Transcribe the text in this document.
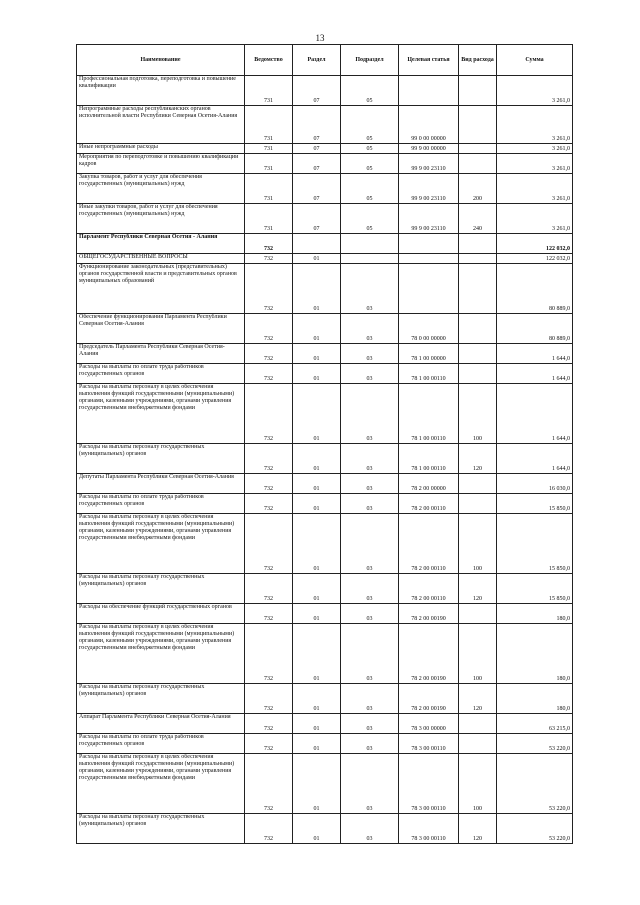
13
Наименование	Ведомство	Раздел	Подраздел	Целевая статья	Вид расхода	Сумма
Профессиональная подготовка, переподготовка и повышение квалификации	731	07	05			3 261,0
Непрограммные расходы республиканских органов исполнительной власти Республики Северная Осетия-Алания	731	07	05	99 0 00 00000		3 261,0
Иные непрограммные расходы	731	07	05	99 9 00 00000		3 261,0
Мероприятия по переподготовке и повышению квалификации кадров	731	07	05	99 9 00 23110		3 261,0
Закупка товаров, работ и услуг для обеспечения государственных (муниципальных) нужд	731	07	05	99 9 00 23110	200	3 261,0
Иные закупки товаров, работ и услуг для обеспечения государственных (муниципальных) нужд	731	07	05	99 9 00 23110	240	3 261,0
Парламент Республики Северная Осетия - Алания	732					122 032,0
ОБЩЕГОСУДАРСТВЕННЫЕ ВОПРОСЫ	732	01				122 032,0
Функционирование законодательных (представительных) органов государственной власти и представительных органов муниципальных образований	732	01	03			80 889,0
Обеспечение функционирования Парламента Республики Северная Осетия-Алания	732	01	03	78 0 00 00000		80 889,0
Председатель Парламента Республики Северная Осетия-Алания	732	01	03	78 1 00 00000		1 644,0
Расходы на выплаты по оплате труда работников государственных органов	732	01	03	78 1 00 00110		1 644,0
Расходы на выплаты персоналу в целях обеспечения выполнения функций государственными (муниципальными) органами, казенными учреждениями, органами управления государственными внебюджетными фондами	732	01	03	78 1 00 00110	100	1 644,0
Расходы на выплаты персоналу государственных (муниципальных) органов	732	01	03	78 1 00 00110	120	1 644,0
Депутаты Парламента Республики Северная Осетия-Алания	732	01	03	78 2 00 00000		16 030,0
Расходы на выплаты по оплате труда работников государственных органов	732	01	03	78 2 00 00110		15 850,0
Расходы на выплаты персоналу в целях обеспечения выполнения функций государственными (муниципальными) органами, казенными учреждениями, органами управления государственными внебюджетными фондами	732	01	03	78 2 00 00110	100	15 850,0
Расходы на выплаты персоналу государственных (муниципальных) органов	732	01	03	78 2 00 00110	120	15 850,0
Расходы на обеспечение функций государственных органов	732	01	03	78 2 00 00190		180,0
Расходы на выплаты персоналу в целях обеспечения выполнения функций государственными (муниципальными) органами, казенными учреждениями, органами управления государственными внебюджетными фондами	732	01	03	78 2 00 00190	100	180,0
Расходы на выплаты персоналу государственных (муниципальных) органов	732	01	03	78 2 00 00190	120	180,0
Аппарат Парламента Республики Северная Осетия-Алания	732	01	03	78 3 00 00000		63 215,0
Расходы на выплаты по оплате труда работников государственных органов	732	01	03	78 3 00 00110		53 220,0
Расходы на выплаты персоналу в целях обеспечения выполнения функций государственными (муниципальными) органами, казенными учреждениями, органами управления государственными внебюджетными фондами	732	01	03	78 3 00 00110	100	53 220,0
Расходы на выплаты персоналу государственных (муниципальных) органов	732	01	03	78 3 00 00110	120	53 220,0
